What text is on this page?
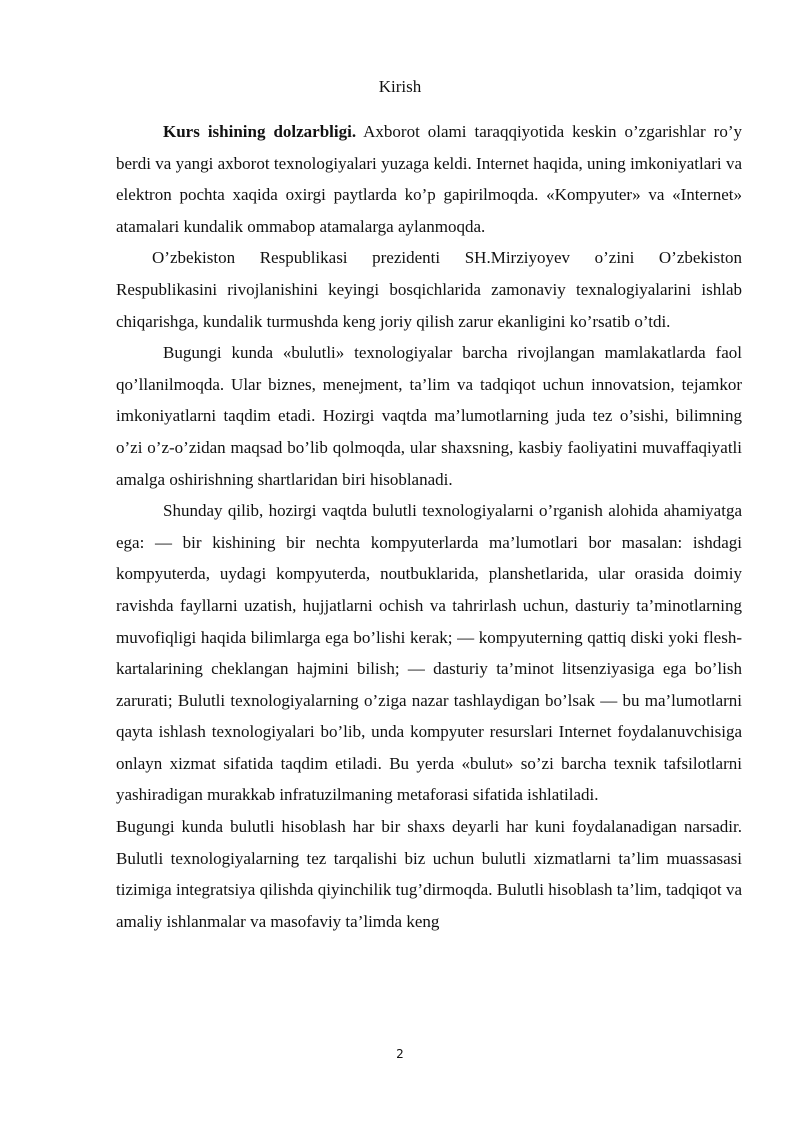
Kirish

Kurs ishining dolzarbligi. Axborot olami taraqqiyotida keskin o’zgarishlar ro’y berdi va yangi axborot texnologiyalari yuzaga keldi. Internet haqida, uning imkoniyatlari va elektron pochta xaqida oxirgi paytlarda ko’p gapirilmoqda. «Kompyuter» va «Internet» atamalari kundalik ommabop atamalarga aylanmoqda.

O’zbekiston Respublikasi prezidenti SH.Mirziyoyev o’zini O’zbekiston Respublikasini rivojlanishini keyingi bosqichlarida zamonaviy texnalogiyalarini ishlab chiqarishga, kundalik turmushda keng joriy qilish zarur ekanligini ko’rsatib o’tdi.

Bugungi kunda «bulutli» texnologiyalar barcha rivojlangan mamlakatlarda faol qo’llanilmoqda. Ular biznes, menejment, ta’lim va tadqiqot uchun innovatsion, tejamkor imkoniyatlarni taqdim etadi. Hozirgi vaqtda ma’lumotlarning juda tez o’sishi, bilimning o’zi o’z-o’zidan maqsad bo’lib qolmoqda, ular shaxsning, kasbiy faoliyatini muvaffaqiyatli amalga oshirishning shartlaridan biri hisoblanadi.

Shunday qilib, hozirgi vaqtda bulutli texnologiyalarni o’rganish alohida ahamiyatga ega: — bir kishining bir nechta kompyuterlarda ma’lumotlari bor masalan: ishdagi kompyuterda, uydagi kompyuterda, noutbuklarida, planshetlarida, ular orasida doimiy ravishda fayllarni uzatish, hujjatlarni ochish va tahrirlash uchun, dasturiy ta’minotlarning muvofiqligi haqida bilimlarga ega bo’lishi kerak; — kompyuterning qattiq diski yoki flesh-kartalarining cheklangan hajmini bilish; — dasturiy ta’minot litsenziyasiga ega bo’lish zarurati; Bulutli texnologiyalarning o’ziga nazar tashlaydigan bo’lsak — bu ma’lumotlarni qayta ishlash texnologiyalari bo’lib, unda kompyuter resurslari Internet foydalanuvchisiga onlayn xizmat sifatida taqdim etiladi. Bu yerda «bulut» so’zi barcha texnik tafsilotlarni yashiradigan murakkab infratuzilmaning metaforasi sifatida ishlatiladi.

Bugungi kunda bulutli hisoblash har bir shaxs deyarli har kuni foydalanadigan narsadir. Bulutli texnologiyalarning tez tarqalishi biz uchun bulutli xizmatlarni ta’lim muassasasi tizimiga integratsiya qilishda qiyinchilik tug’dirmoqda. Bulutli hisoblash ta’lim, tadqiqot va amaliy ishlanmalar va masofaviy ta’limda keng

2
